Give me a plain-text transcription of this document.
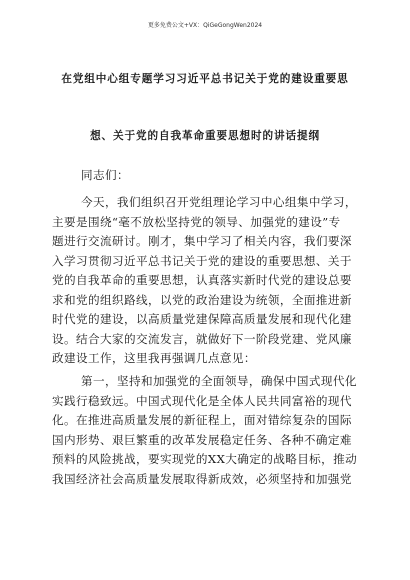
更多免费公文+VX：QiGeGongWen2024
在党组中心组专题学习习近平总书记关于党的建设重要思
想、关于党的自我革命重要思想时的讲话提纲
同志们：
今天，我们组织召开党组理论学习中心组集中学习，
主要是围绕“毫不放松坚持党的领导、加强党的建设”专
题进行交流研讨。刚才，集中学习了相关内容，我们要深
入学习贯彻习近平总书记关于党的建设的重要思想、关于
党的自我革命的重要思想，认真落实新时代党的建设总要
求和党的组织路线，以党的政治建设为统领，全面推进新
时代党的建设，以高质量党建保障高质量发展和现代化建
设。结合大家的交流发言，就做好下一阶段党建、党风廉
政建设工作，这里我再强调几点意见：
第一，坚持和加强党的全面领导，确保中国式现代化
实践行稳致远。中国式现代化是全体人民共同富裕的现代
化。在推进高质量发展的新征程上，面对错综复杂的国际
国内形势、艰巨繁重的改革发展稳定任务、各种不确定难
预料的风险挑战，要实现党的XX大确定的战略目标，推动
我国经济社会高质量发展取得新成效，必须坚持和加强党
